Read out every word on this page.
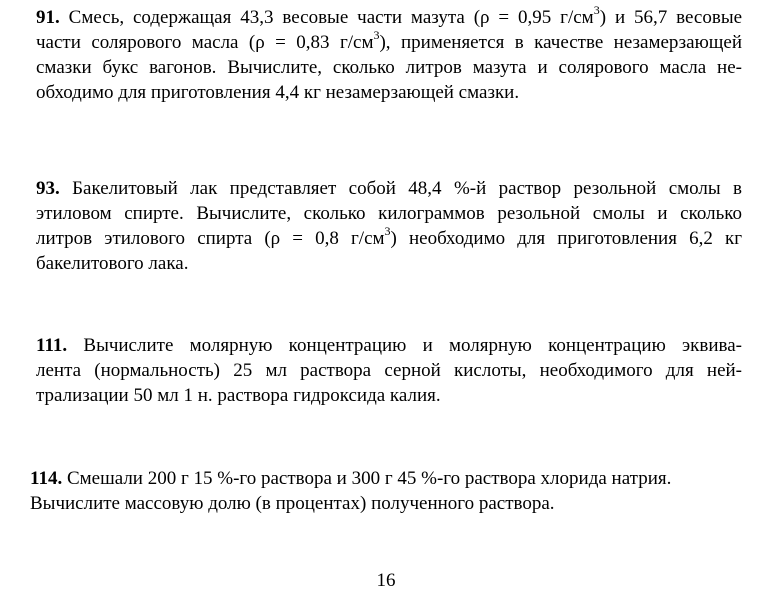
91. Смесь, содержащая 43,3 весовые части мазута (ρ = 0,95 $г/см^3$) и 56,7 весовые
части солярового масла (ρ = 0,83 $г/см^3$), применяется в качестве незамерзающей
смазки букс вагонов. Вычислите, сколько литров мазута и солярового масла не-
обходимо для приготовления 4,4 кг незамерзающей смазки.
93. Бакелитовый лак представляет собой 48,4 %-й раствор резольной смолы в
этиловом спирте. Вычислите, сколько килограммов резольной смолы и сколько
литров этилового спирта (ρ = 0,8 $г/см^3$) необходимо для приготовления 6,2 кг
бакелитового лака.
111. Вычислите молярную концентрацию и молярную концентрацию эквива-
лента (нормальность) 25 мл раствора серной кислоты, необходимого для ней-
трализации 50 мл 1 н. раствора гидроксида калия.
114. Смешали 200 г 15 %-го раствора и 300 г 45 %-го раствора хлорида натрия.
Вычислите массовую долю (в процентах) полученного раствора.
16
